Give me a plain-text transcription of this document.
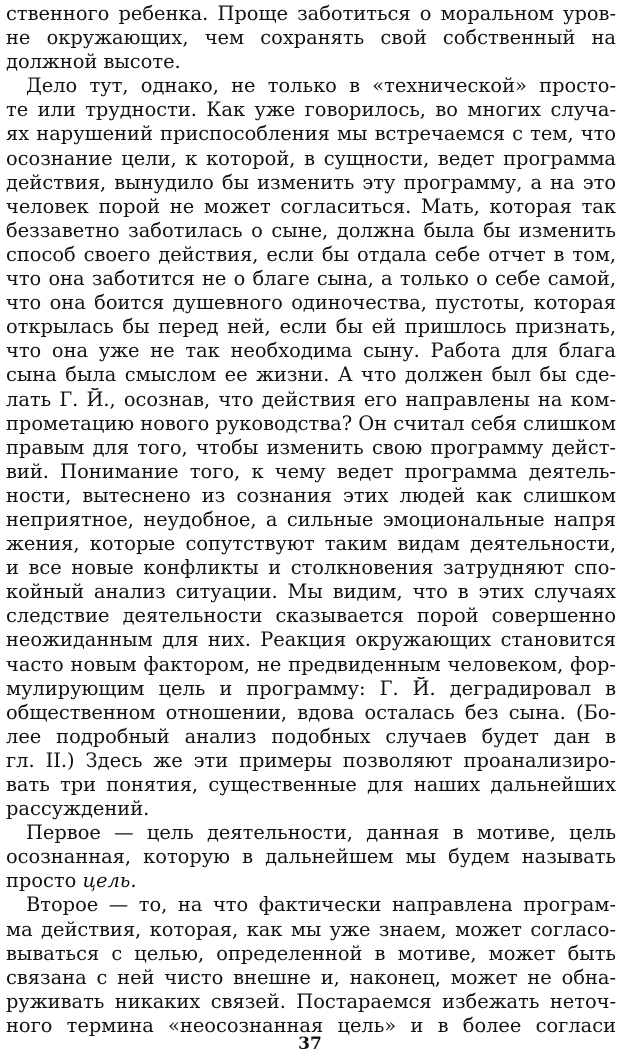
ственного ребенка. Проще заботиться о моральном уров-
не окружающих, чем сохранять свой собственный на
должной высоте.
Дело тут, однако, не только в «технической» просто-
те или трудности. Как уже говорилось, во многих случа-
ях нарушений приспособления мы встречаемся с тем, что
осознание цели, к которой, в сущности, ведет программа
действия, вынудило бы изменить эту программу, а на это
человек порой не может согласиться. Мать, которая так
беззаветно заботилась о сыне, должна была бы изменить
способ своего действия, если бы отдала себе отчет в том,
что она заботится не о благе сына, а только о себе самой,
что она боится душевного одиночества, пустоты, которая
открылась бы перед ней, если бы ей пришлось признать,
что она уже не так необходима сыну. Работа для блага
сына была смыслом ее жизни. А что должен был бы сде-
лать Г. Й., осознав, что действия его направлены на ком-
прометацию нового руководства? Он считал себя слишком
правым для того, чтобы изменить свою программу дейст-
вий. Понимание того, к чему ведет программа деятель-
ности, вытеснено из сознания этих людей как слишком
неприятное, неудобное, а сильные эмоциональные напря
жения, которые сопутствуют таким видам деятельности,
и все новые конфликты и столкновения затрудняют спо-
койный анализ ситуации. Мы видим, что в этих случаях
следствие деятельности сказывается порой совершенно
неожиданным для них. Реакция окружающих становится
часто новым фактором, не предвиденным человеком, фор-
мулирующим цель и программу: Г. Й. деградировал в
общественном отношении, вдова осталась без сына. (Бо-
лее подробный анализ подобных случаев будет дан в
гл. II.) Здесь же эти примеры позволяют проанализиро-
вать три понятия, существенные для наших дальнейших
рассуждений.
Первое — цель деятельности, данная в мотиве, цель
осознанная, которую в дальнейшем мы будем называть
просто цель.
Второе — то, на что фактически направлена програм-
ма действия, которая, как мы уже знаем, может согласо-
вываться с целью, определенной в мотиве, может быть
связана с ней чисто внешне и, наконец, может не обна-
руживать никаких связей. Постараемся избежать неточ-
ного термина «неосознанная цель» и в более согласи
37
